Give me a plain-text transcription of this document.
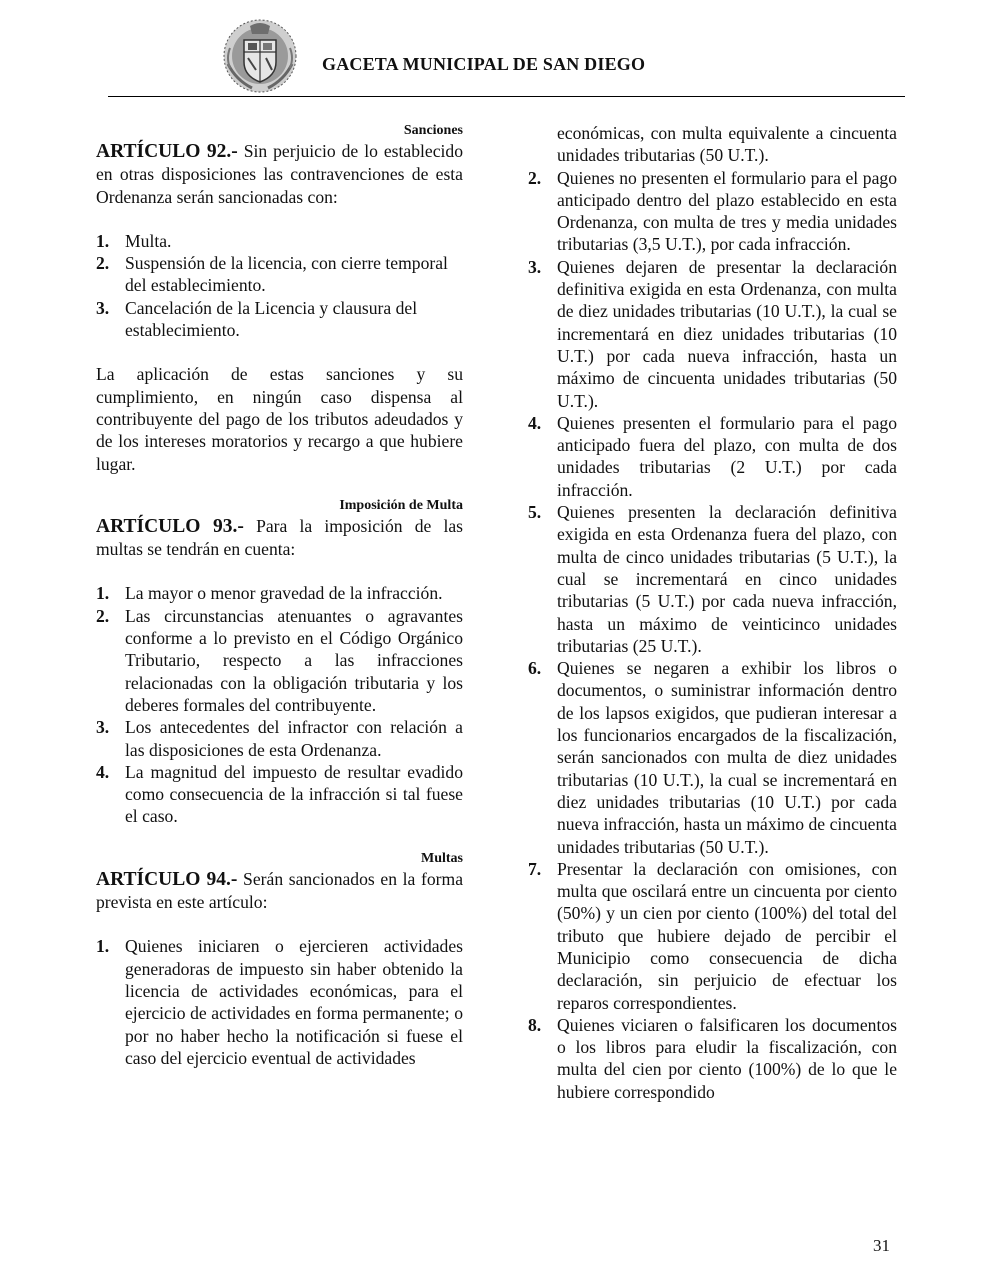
GACETA MUNICIPAL DE SAN DIEGO
Sanciones

ARTÍCULO 92.- Sin perjuicio de lo establecido en otras disposiciones las contravenciones de esta Ordenanza serán sancionadas con:

1. Multa.
2. Suspensión de la licencia, con cierre temporal del establecimiento.
3. Cancelación de la Licencia y clausura del establecimiento.

La aplicación de estas sanciones y su cumplimiento, en ningún caso dispensa al contribuyente del pago de los tributos adeudados y de los intereses moratorios y recargo a que hubiere lugar.

Imposición de Multa

ARTÍCULO 93.- Para la imposición de las multas se tendrán en cuenta:

1. La mayor o menor gravedad de la infracción.
2. Las circunstancias atenuantes o agravantes conforme a lo previsto en el Código Orgánico Tributario, respecto a las infracciones relacionadas con la obligación tributaria y los deberes formales del contribuyente.
3. Los antecedentes del infractor con relación a las disposiciones de esta Ordenanza.
4. La magnitud del impuesto de resultar evadido como consecuencia de la infracción si tal fuese el caso.
Multas

ARTÍCULO 94.- Serán sancionados en la forma prevista en este artículo:

1. Quienes iniciaren o ejercieren actividades generadoras de impuesto sin haber obtenido la licencia de actividades económicas, para el ejercicio de actividades en forma permanente; o por no haber hecho la notificación si fuese el caso del ejercicio eventual de actividades

económicas, con multa equivalente a cincuenta unidades tributarias (50 U.T.).

2. Quienes no presenten el formulario para el pago anticipado dentro del plazo establecido en esta Ordenanza, con multa de tres y media unidades tributarias (3,5 U.T.), por cada infracción.
3. Quienes dejaren de presentar la declaración definitiva exigida en esta Ordenanza, con multa de diez unidades tributarias (10 U.T.), la cual se incrementará en diez unidades tributarias (10 U.T.) por cada nueva infracción, hasta un máximo de cincuenta unidades tributarias (50 U.T.).
4. Quienes presenten el formulario para el pago anticipado fuera del plazo, con multa de dos unidades tributarias (2 U.T.) por cada infracción.
5. Quienes presenten la declaración definitiva exigida en esta Ordenanza fuera del plazo, con multa de cinco unidades tributarias (5 U.T.), la cual se incrementará en cinco unidades tributarias (5 U.T.) por cada nueva infracción, hasta un máximo de veinticinco unidades tributarias (25 U.T.).
6. Quienes se negaren a exhibir los libros o documentos, o suministrar información dentro de los lapsos exigidos, que pudieran interesar a los funcionarios encargados de la fiscalización, serán sancionados con multa de diez unidades tributarias (10 U.T.), la cual se incrementará en diez unidades tributarias (10 U.T.) por cada nueva infracción, hasta un máximo de cincuenta unidades tributarias (50 U.T.).
7. Presentar la declaración con omisiones, con multa que oscilará entre un cincuenta por ciento (50%) y un cien por ciento (100%) del total del tributo que hubiere dejado de percibir el Municipio como consecuencia de dicha declaración, sin perjuicio de efectuar los reparos correspondientes.
8. Quienes viciaren o falsificaren los documentos o los libros para eludir la fiscalización, con multa del cien por ciento (100%) de lo que le hubiere correspondido
31
